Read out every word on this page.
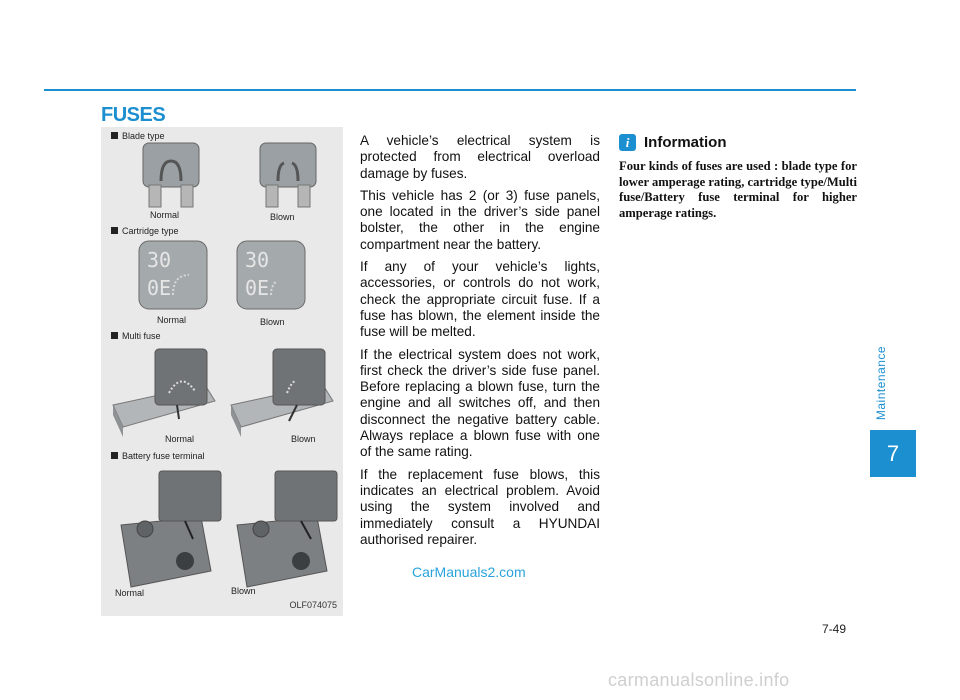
FUSES
Blade type
Normal	Blown
Cartridge type
30
0E
30
0E
Normal	Blown
Multi fuse
Normal	Blown
Battery fuse terminal
Normal	Blown
OLF074075

A vehicle’s electrical system is protected from electrical overload damage by fuses.

This vehicle has 2 (or 3) fuse panels, one located in the driver’s side panel bolster, the other in the engine compartment near the battery.

If any of your vehicle’s lights, accessories, or controls do not work, check the appropriate circuit fuse. If a fuse has blown, the element inside the fuse will be melted.

If the electrical system does not work, first check the driver’s side fuse panel. Before replacing a blown fuse, turn the engine and all switches off, and then disconnect the negative battery cable. Always replace a blown fuse with one of the same rating.

If the replacement fuse blows, this indicates an electrical problem. Avoid using the system involved and immediately consult a HYUNDAI authorised repairer.

i Information
Four kinds of fuses are used : blade type for lower amperage rating, cartridge type/Multi fuse/Battery fuse terminal for higher amperage ratings.
Maintenance
7
7-49
CarManuals2.com
carmanualsonline.info
